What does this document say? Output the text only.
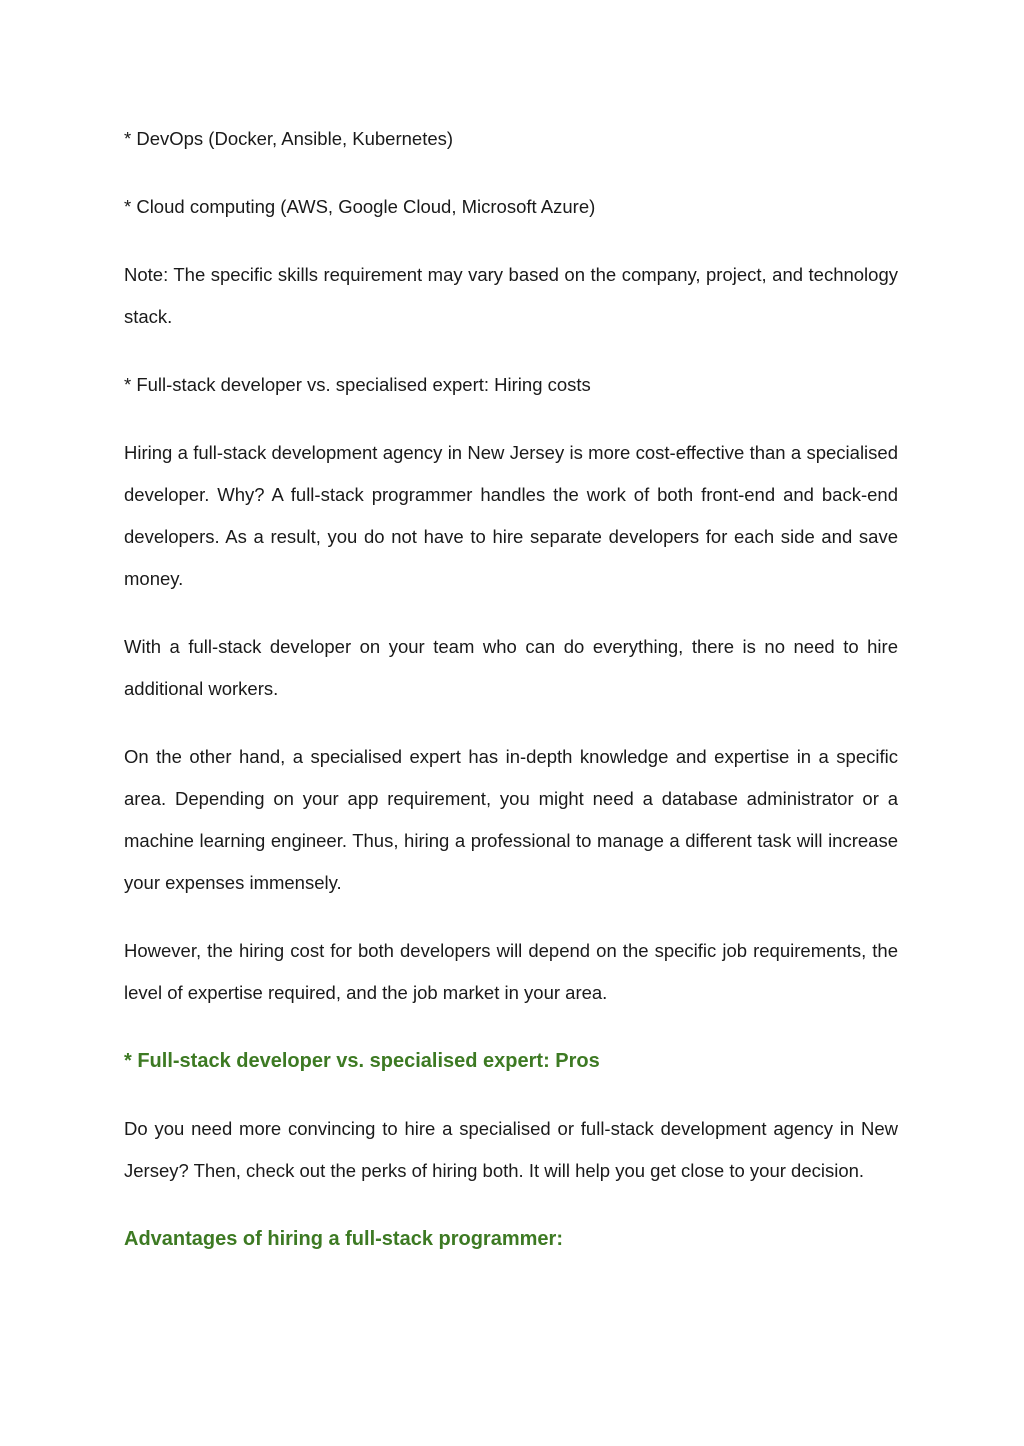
* DevOps (Docker, Ansible, Kubernetes)

* Cloud computing (AWS, Google Cloud, Microsoft Azure)

Note: The specific skills requirement may vary based on the company, project, and technology stack.

* Full-stack developer vs. specialised expert: Hiring costs

Hiring a full-stack development agency in New Jersey is more cost-effective than a specialised developer. Why? A full-stack programmer handles the work of both front-end and back-end developers. As a result, you do not have to hire separate developers for each side and save money.

With a full-stack developer on your team who can do everything, there is no need to hire additional workers.

On the other hand, a specialised expert has in-depth knowledge and expertise in a specific area. Depending on your app requirement, you might need a database administrator or a machine learning engineer. Thus, hiring a professional to manage a different task will increase your expenses immensely.

However, the hiring cost for both developers will depend on the specific job requirements, the level of expertise required, and the job market in your area.

* Full-stack developer vs. specialised expert: Pros

Do you need more convincing to hire a specialised or full-stack development agency in New Jersey? Then, check out the perks of hiring both. It will help you get close to your decision.

Advantages of hiring a full-stack programmer:
